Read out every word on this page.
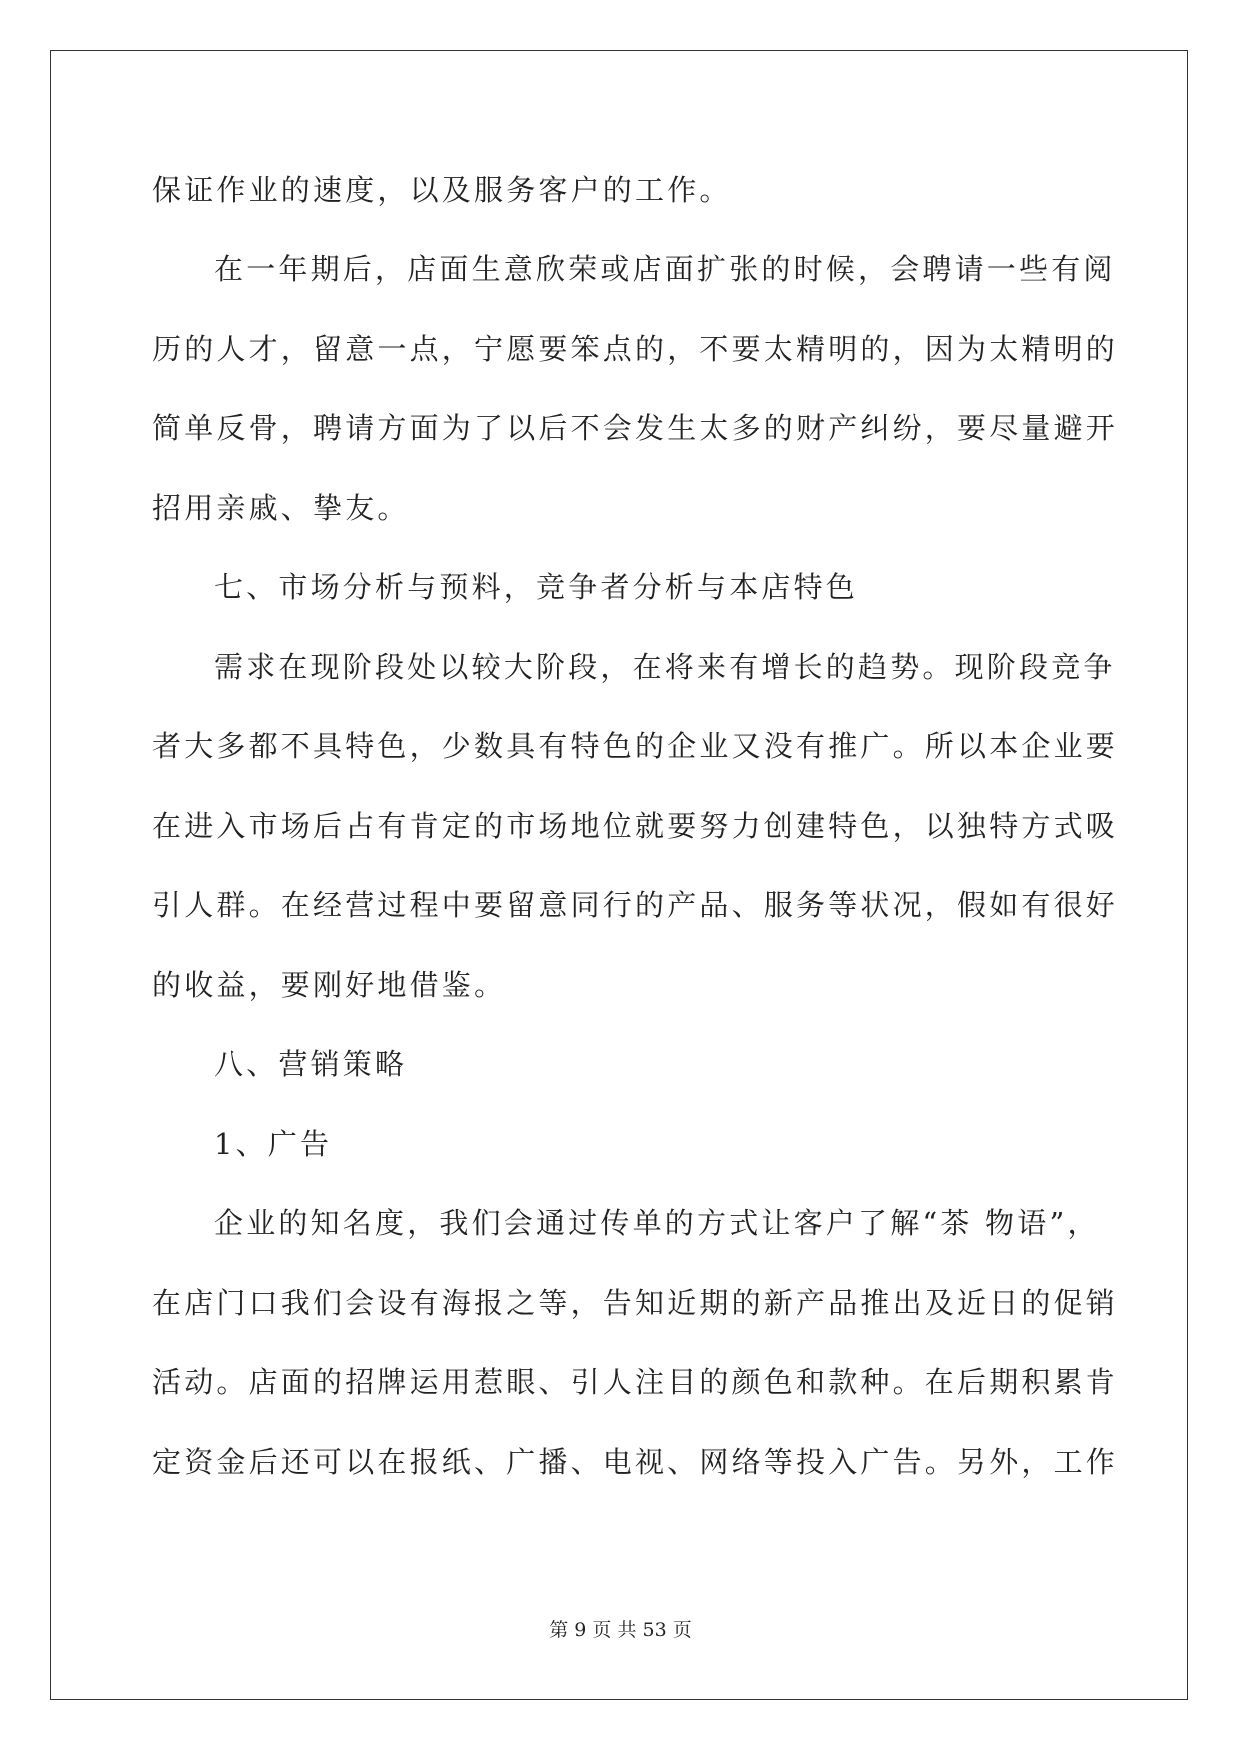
保证作业的速度，以及服务客户的工作。
在一年期后，店面生意欣荣或店面扩张的时候，会聘请一些有阅
历的人才，留意一点，宁愿要笨点的，不要太精明的，因为太精明的
简单反骨，聘请方面为了以后不会发生太多的财产纠纷，要尽量避开
招用亲戚、挚友。
七、市场分析与预料，竞争者分析与本店特色
需求在现阶段处以较大阶段，在将来有增长的趋势。现阶段竞争
者大多都不具特色，少数具有特色的企业又没有推广。所以本企业要
在进入市场后占有肯定的市场地位就要努力创建特色，以独特方式吸
引人群。在经营过程中要留意同行的产品、服务等状况，假如有很好
的收益，要刚好地借鉴。
八、营销策略
1、广告
企业的知名度，我们会通过传单的方式让客户了解“茶 物语”，
在店门口我们会设有海报之等，告知近期的新产品推出及近日的促销
活动。店面的招牌运用惹眼、引人注目的颜色和款种。在后期积累肯
定资金后还可以在报纸、广播、电视、网络等投入广告。另外，工作
第 9 页 共 53 页
